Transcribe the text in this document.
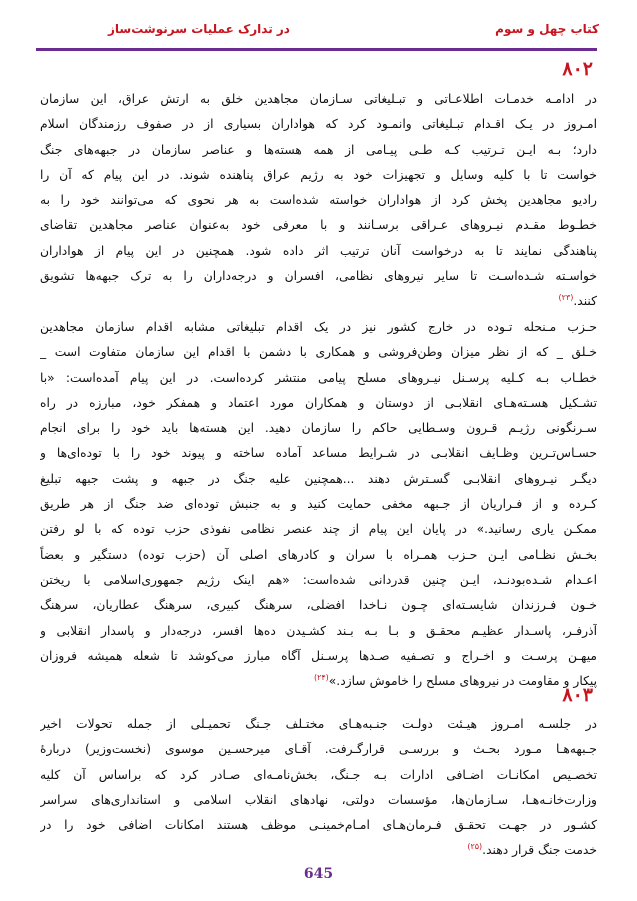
کتاب چهل و سوم
در تدارک عملیات سرنوشت‌ساز
۸۰۲
در ادامـه خدمـات اطلاعـاتی و تبـلیغاتی سـازمان مجاهدین خلق به ارتش عراق، این سازمان
امـروز در یـک اقـدام تبـلیغاتی وانمـود کرد که هواداران بسیاری از در صفوف رزمندگان اسلام
دارد؛ بـه ایـن تـرتیب کـه طـی پیـامی از همه هسته‌ها و عناصر سازمان در جبهه‌های جنگ
خواست تا با کلیه وسایل و تجهیزات خود به رژیم عراق پناهنده شوند. در این پیام که آن را
رادیو مجاهدین پخش کرد از هواداران خواسته شده‌است به هر نحوی که می‌توانند خود را به
خطـوط مقـدم نیـروهای عـراقی برسـانند و با معرفی خود به‌عنوان عناصر مجاهدین تقاضای
پناهندگی نمایند تا به درخواست آنان ترتیب اثر داده شود. همچنین در این پیام از هواداران
خواسـته شـده‌اسـت تا سایر نیروهای نظامی، افسران و درجه‌داران را به ترک جبهه‌ها تشویق
کنند.$^{(۲۳)}$
حـزب مـنحله تـوده در خارج کشور نیز در یک اقدام تبلیغاتی مشابه اقدام سازمان مجاهدین
خـلق _ که از نظر میزان وطن‌فروشی و همکاری با دشمن با اقدام این سازمان متفاوت است _
خطـاب بـه کـلیه پرسـنل نیـروهای مسلح پیامی منتشر کرده‌است. در این پیام آمده‌است: «با
تشـکیل هسـته‌هـای انقلابـی از دوستان و همکاران مورد اعتماد و همفکر خود، مبارزه در راه
سـرنگونی رژیـم قـرون وسـطایی حاکم را سازمان دهید. این هسته‌ها باید خود را برای انجام
حسـاس‌تـرین وظـایف انقلابـی در شـرایط مساعد آماده ساخته و پیوند خود را با توده‌ای‌ها و
دیگـر نیـروهای انقلابـی گسـترش دهند ...همچنین علیه جنگ در جبهه و پشت جبهه تبلیغ
کـرده و از فـراریان از جـبهه مخفی حمایت کنید و به جنبش توده‌ای ضد جنگ از هر طریق
ممکـن یاری رسانید.» در پایان این پیام از چند عنصر نظامی نفوذی حزب توده که با لو رفتن
بخـش نظـامی ایـن حـزب همـراه با سران و کادرهای اصلی آن (حزب توده) دستگیر و بعضاً
اعـدام شـده‌بودنـد، ایـن چنین قدردانی شده‌است: «هم اینک رژیم جمهوری‌اسلامی با ریختن
خـون فـرزندان شایسـته‌ای چـون نـاخدا افضلی، سرهنگ کبیری، سرهنگ عطاریان، سرهنگ
آذرفـر، پاسـدار عظیـم محقـق و بـا بـه بـند کشـیدن ده‌ها افسر، درجه‌دار و پاسدار انقلابی و
میهـن پرسـت و اخـراج و تصـفیه صـدها پرسـنل آگاه مبارز می‌کوشد تا شعله همیشه فروزان
پیکار و مقاومت در نیروهای مسلح را خاموش سازد.»$^{(۲۴)}$
۸۰۳
در جلسـه امـروز هیـئت دولـت جنـبه‌هـای مختـلف جـنگ تحمیـلی از جمله تحولات اخیر
جـبهه‌هـا مـورد بحـث و بررسـی قرارگـرفت. آقـای میرحسـین موسوی (نخست‌وزیر) دربارهٔ
تخصـیص امکانـات اضـافی ادارات بـه جـنگ، بخش‌نامـه‌ای صـادر کرد که براساس آن کلیه
وزارت‌خانـه‌هـا، سـازمان‌ها، مؤسسات دولتی، نهادهای انقلاب اسلامی و استانداری‌های سراسر
کشـور در جهـت تحقـق فـرمان‌هـای امـام‌خمینـی موظف هستند امکانات اضافی خود را در
خدمت جنگ قرار دهند.$^{(۲۵)}$
645
